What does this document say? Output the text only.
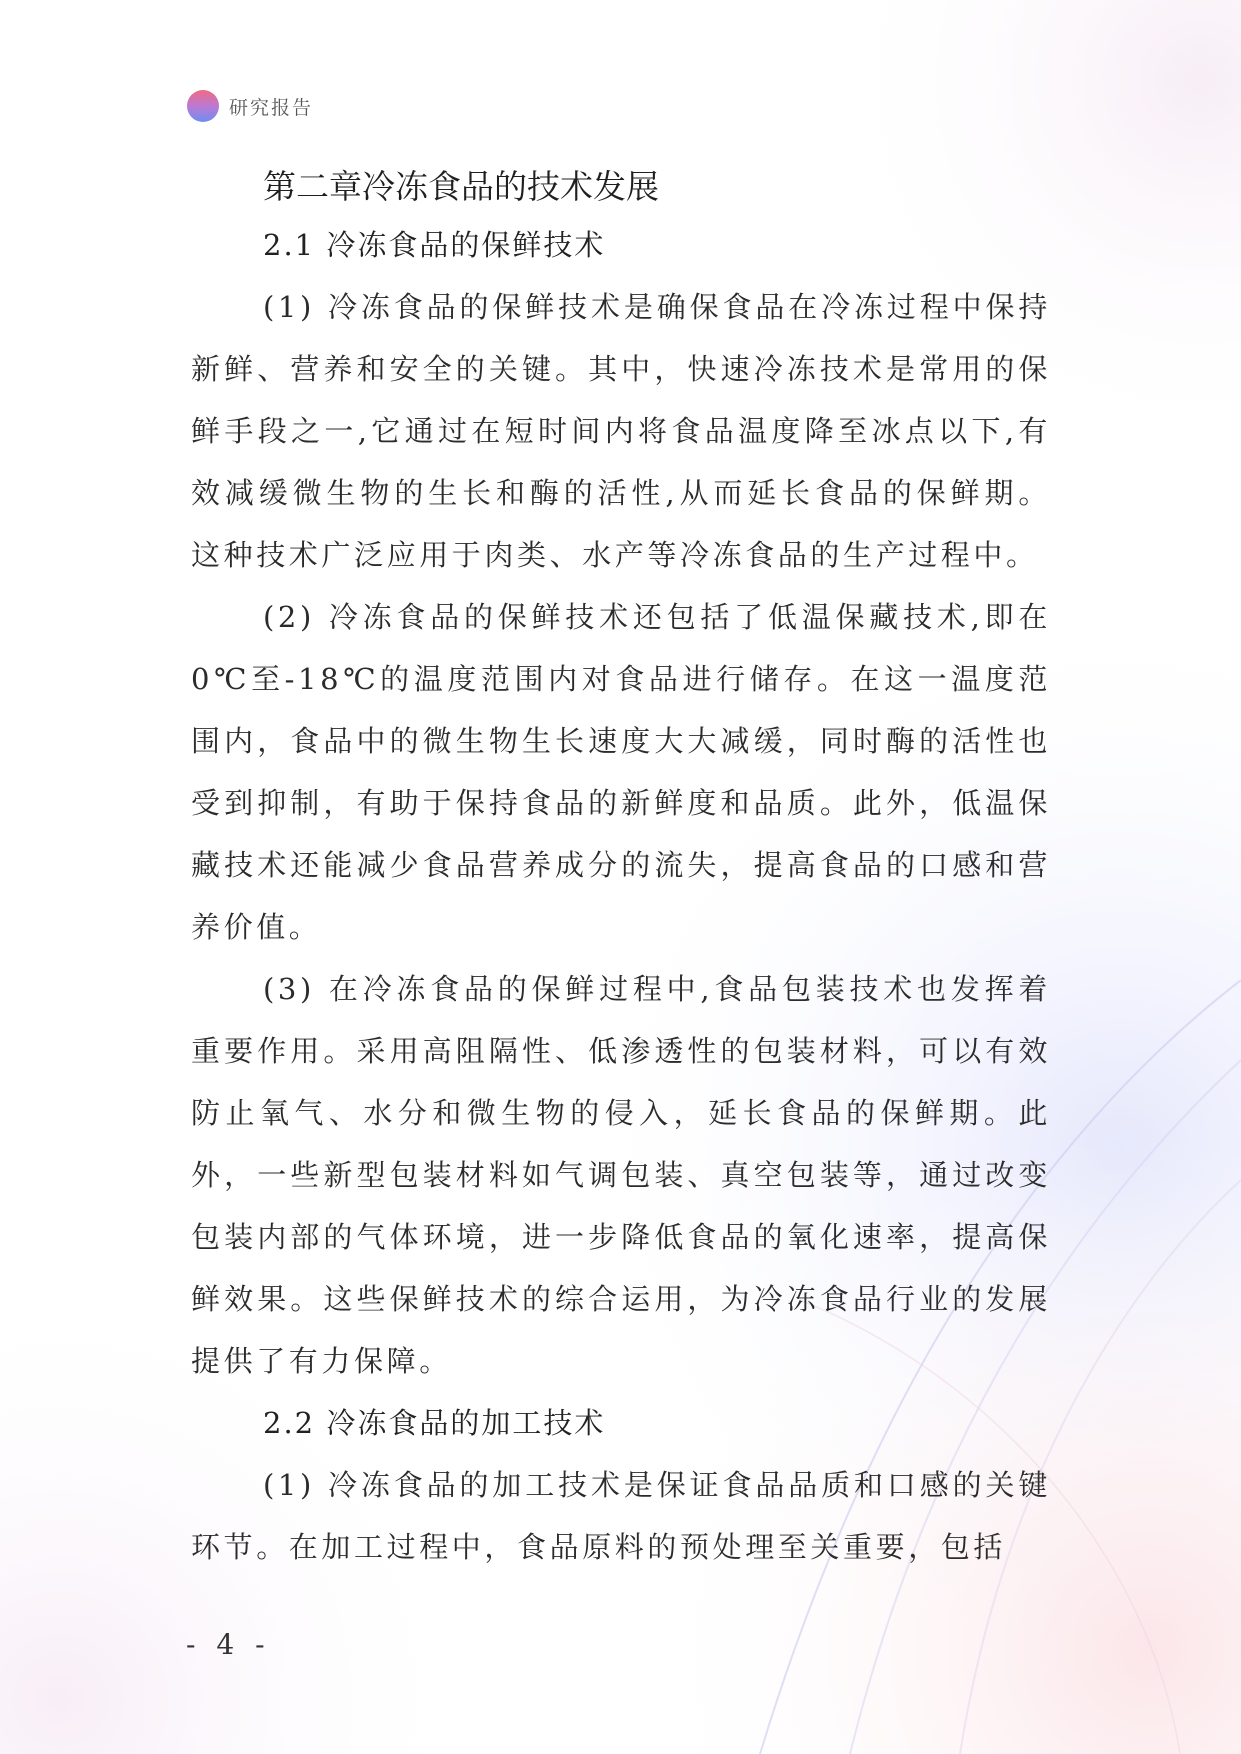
研究报告
第二章冷冻食品的技术发展
2.1 冷冻食品的保鲜技术

(1) 冷冻食品的保鲜技术是确保食品在冷冻过程中保持新鲜、营养和安全的关键。其中，快速冷冻技术是常用的保鲜手段之一,它通过在短时间内将食品温度降至冰点以下,有效减缓微生物的生长和酶的活性,从而延长食品的保鲜期。这种技术广泛应用于肉类、水产等冷冻食品的生产过程中。

(2) 冷冻食品的保鲜技术还包括了低温保藏技术,即在0℃至-18℃的温度范围内对食品进行储存。在这一温度范围内，食品中的微生物生长速度大大减缓，同时酶的活性也受到抑制，有助于保持食品的新鲜度和品质。此外，低温保藏技术还能减少食品营养成分的流失，提高食品的口感和营养价值。

(3) 在冷冻食品的保鲜过程中,食品包装技术也发挥着重要作用。采用高阻隔性、低渗透性的包装材料，可以有效防止氧气、水分和微生物的侵入，延长食品的保鲜期。此外，一些新型包装材料如气调包装、真空包装等，通过改变包装内部的气体环境，进一步降低食品的氧化速率，提高保鲜效果。这些保鲜技术的综合运用，为冷冻食品行业的发展提供了有力保障。

2.2 冷冻食品的加工技术

(1) 冷冻食品的加工技术是保证食品品质和口感的关键环节。在加工过程中，食品原料的预处理至关重要，包括

- 4 -
